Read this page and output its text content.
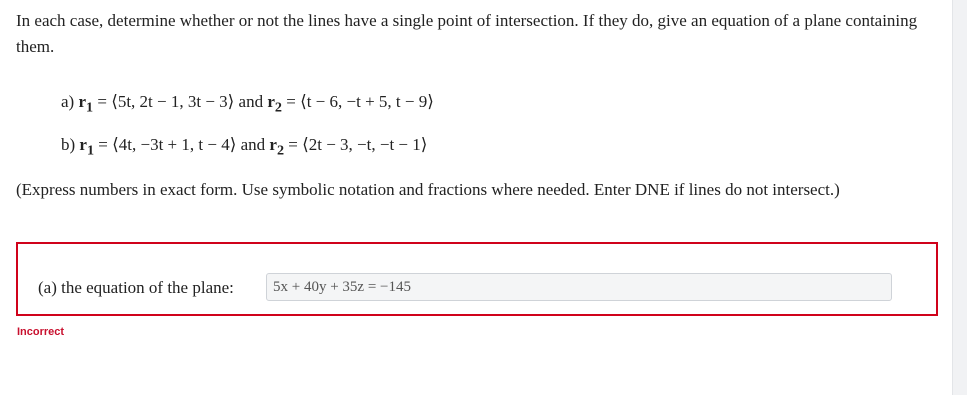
In each case, determine whether or not the lines have a single point of intersection. If they do, give an equation of a plane containing them.

a) $r_1$ = ⟨5t, 2t − 1, 3t − 3⟩ and $r_2$ = ⟨t − 6, −t + 5, t − 9⟩

b) $r_1$ = ⟨4t, −3t + 1, t − 4⟩ and $r_2$ = ⟨2t − 3, −t, −t − 1⟩

(Express numbers in exact form. Use symbolic notation and fractions where needed. Enter DNE if lines do not intersect.)

(a) the equation of the plane:	5x + 40y + 35z = −145
Incorrect
